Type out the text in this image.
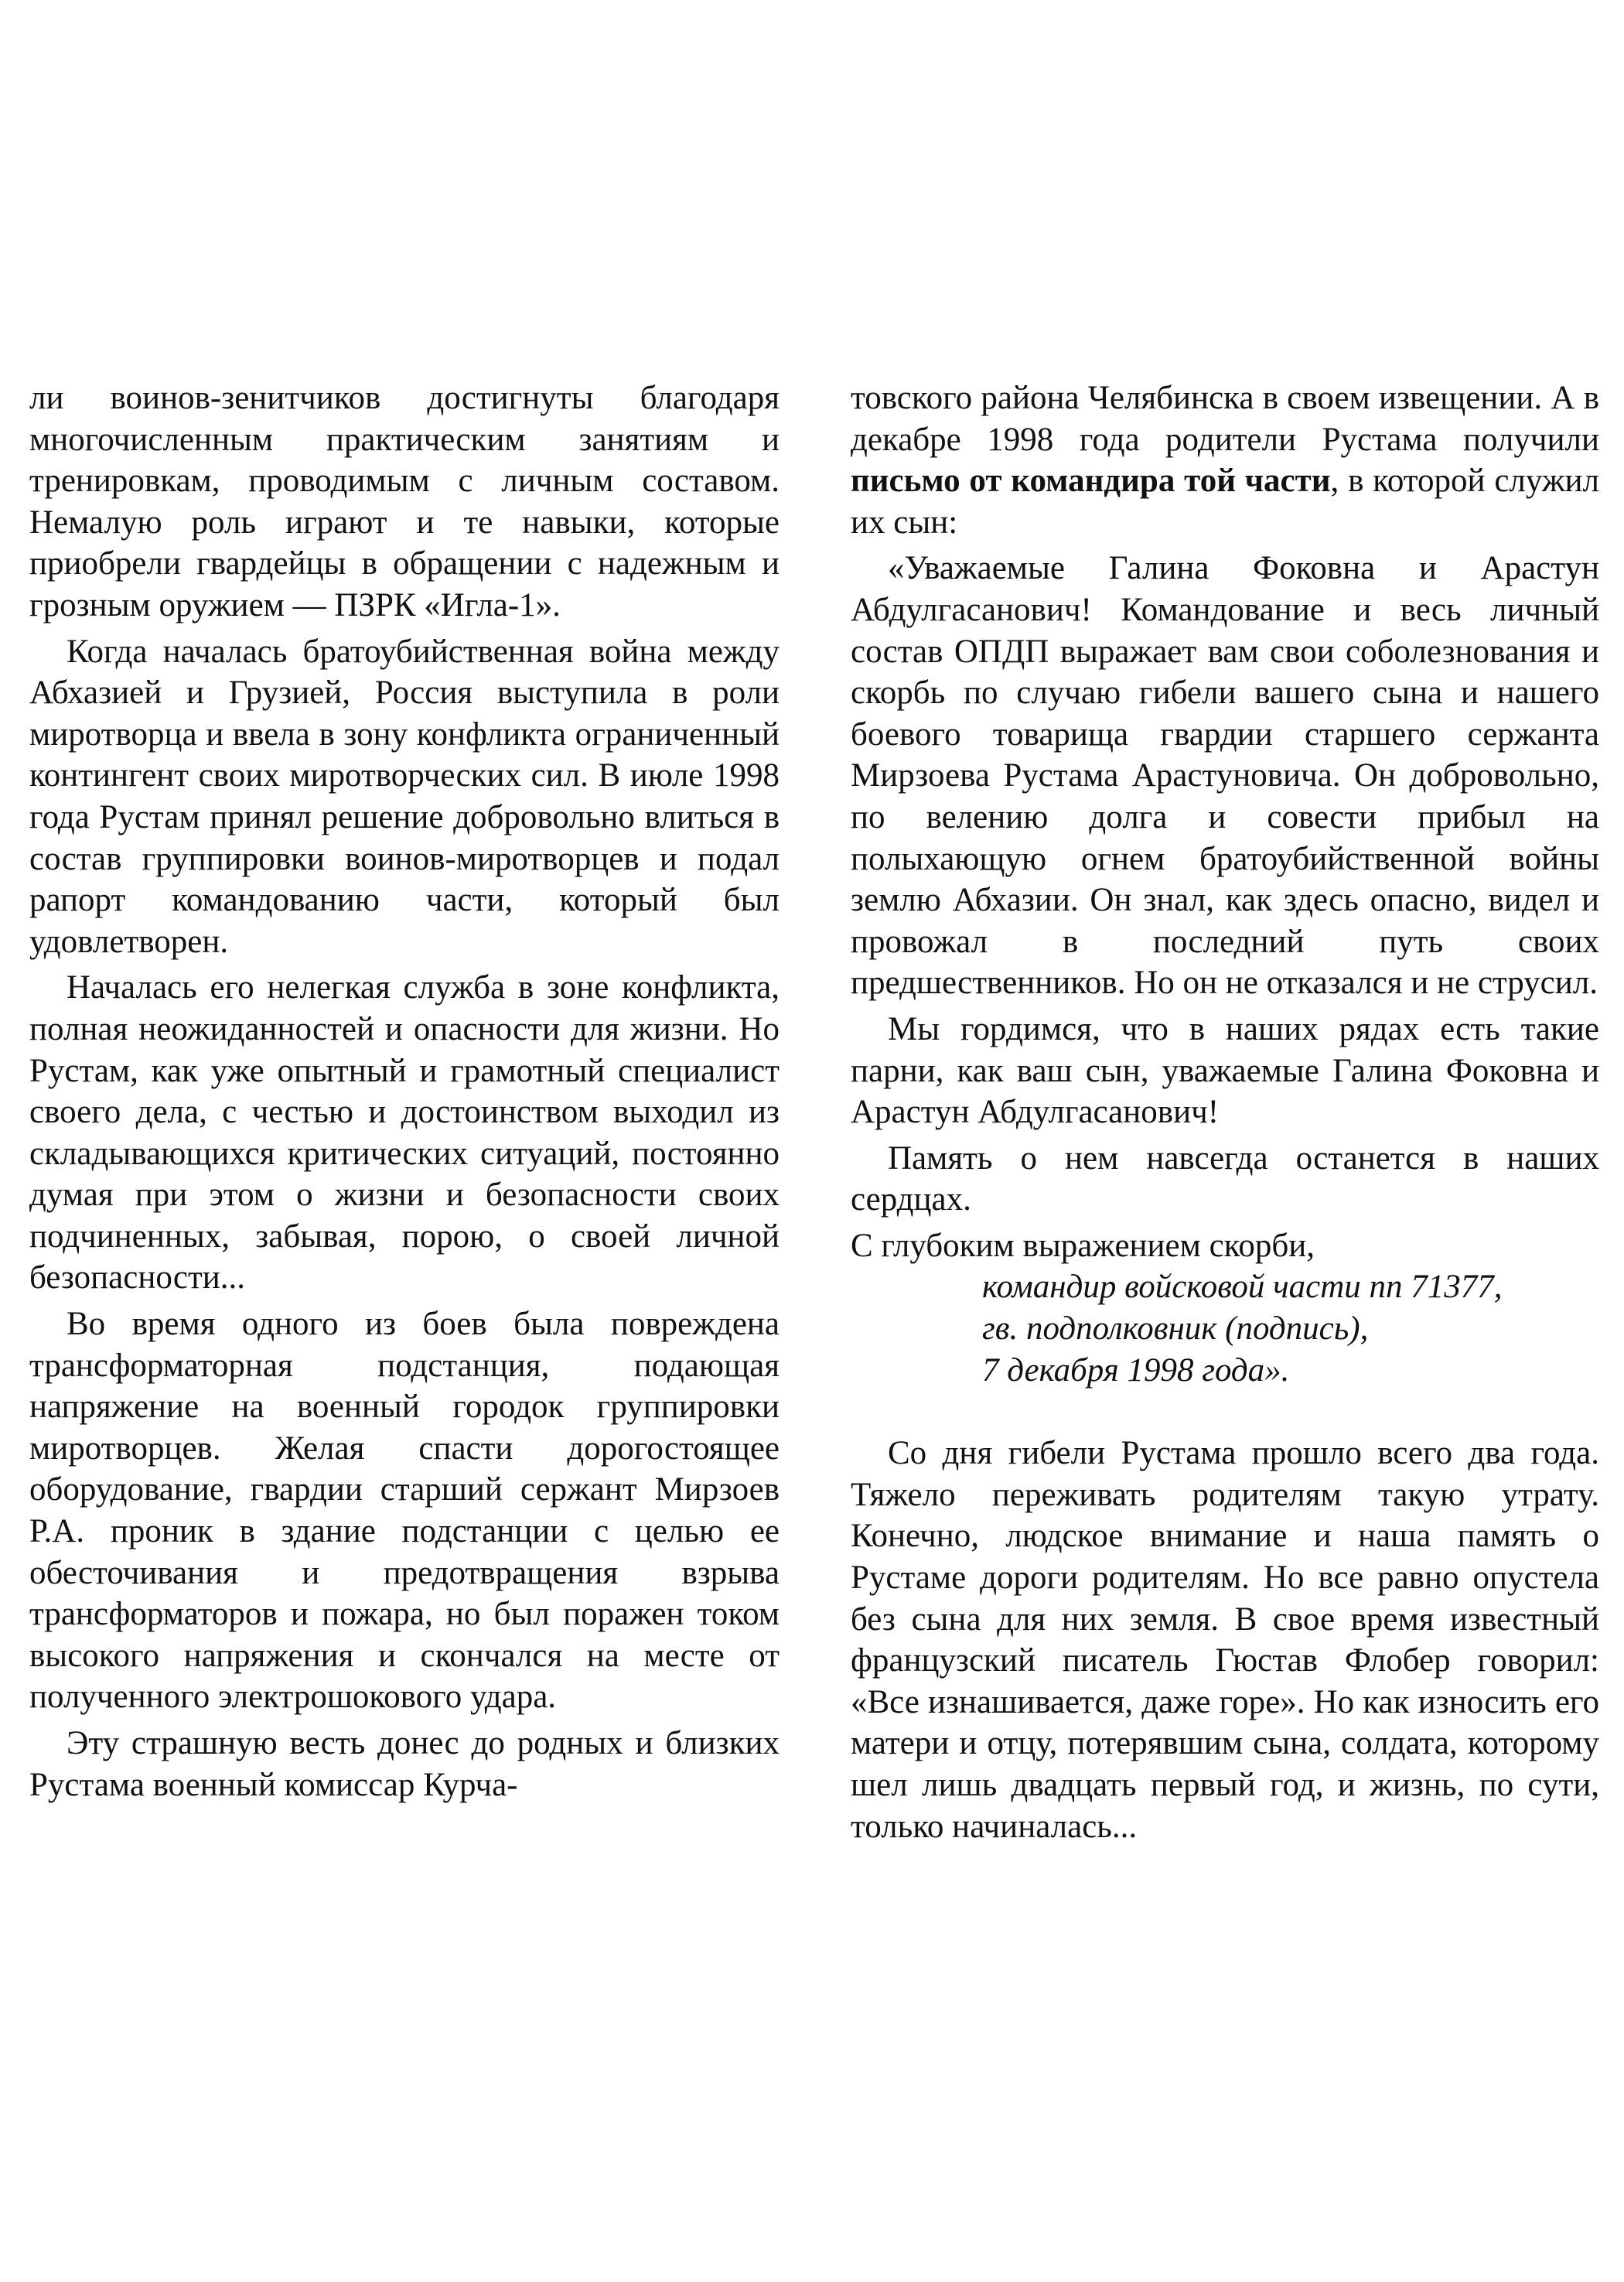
ли воинов-зенитчиков достигнуты благодаря многочисленным практическим занятиям и тренировкам, проводимым с личным составом. Немалую роль играют и те навыки, которые приобрели гвардейцы в обращении с надежным и грозным оружием — ПЗРК «Игла-1».

Когда началась братоубийственная война между Абхазией и Грузией, Россия выступила в роли миротворца и ввела в зону конфликта ограниченный контингент своих миротворческих сил. В июле 1998 года Рустам принял решение добровольно влиться в состав группировки воинов-миротворцев и подал рапорт командованию части, который был удовлетворен.

Началась его нелегкая служба в зоне конфликта, полная неожиданностей и опасности для жизни. Но Рустам, как уже опытный и грамотный специалист своего дела, с честью и достоинством выходил из складывающихся критических ситуаций, постоянно думая при этом о жизни и безопасности своих подчиненных, забывая, порою, о своей личной безопасности...

Во время одного из боев была повреждена трансформаторная подстанция, подающая напряжение на военный городок группировки миротворцев. Желая спасти дорогостоящее оборудование, гвардии старший сержант Мирзоев Р.А. проник в здание подстанции с целью ее обесточивания и предотвращения взрыва трансформаторов и пожара, но был поражен током высокого напряжения и скончался на месте от полученного электрошокового удара.

Эту страшную весть донес до родных и близких Рустама военный комиссар Курча-

товского района Челябинска в своем извещении. А в декабре 1998 года родители Рустама получили письмо от командира той части, в которой служил их сын:

«Уважаемые Галина Фоковна и Арастун Абдулгасанович! Командование и весь личный состав ОПДП выражает вам свои соболезнования и скорбь по случаю гибели вашего сына и нашего боевого товарища гвардии старшего сержанта Мирзоева Рустама Арастуновича. Он добровольно, по велению долга и совести прибыл на полыхающую огнем братоубийственной войны землю Абхазии. Он знал, как здесь опасно, видел и провожал в последний путь своих предшественников. Но он не отказался и не струсил.

Мы гордимся, что в наших рядах есть такие парни, как ваш сын, уважаемые Галина Фоковна и Арастун Абдулгасанович!

Память о нем навсегда останется в наших сердцах.

С глубоким выражением скорби,

командир войсковой части пп 71377,

гв. подполковник (подпись),

7 декабря 1998 года».

Со дня гибели Рустама прошло всего два года. Тяжело переживать родителям такую утрату. Конечно, людское внимание и наша память о Рустаме дороги родителям. Но все равно опустела без сына для них земля. В свое время известный французский писатель Гюстав Флобер говорил: «Все изнашивается, даже горе». Но как износить его матери и отцу, потерявшим сына, солдата, которому шел лишь двадцать первый год, и жизнь, по сути, только начиналась...
